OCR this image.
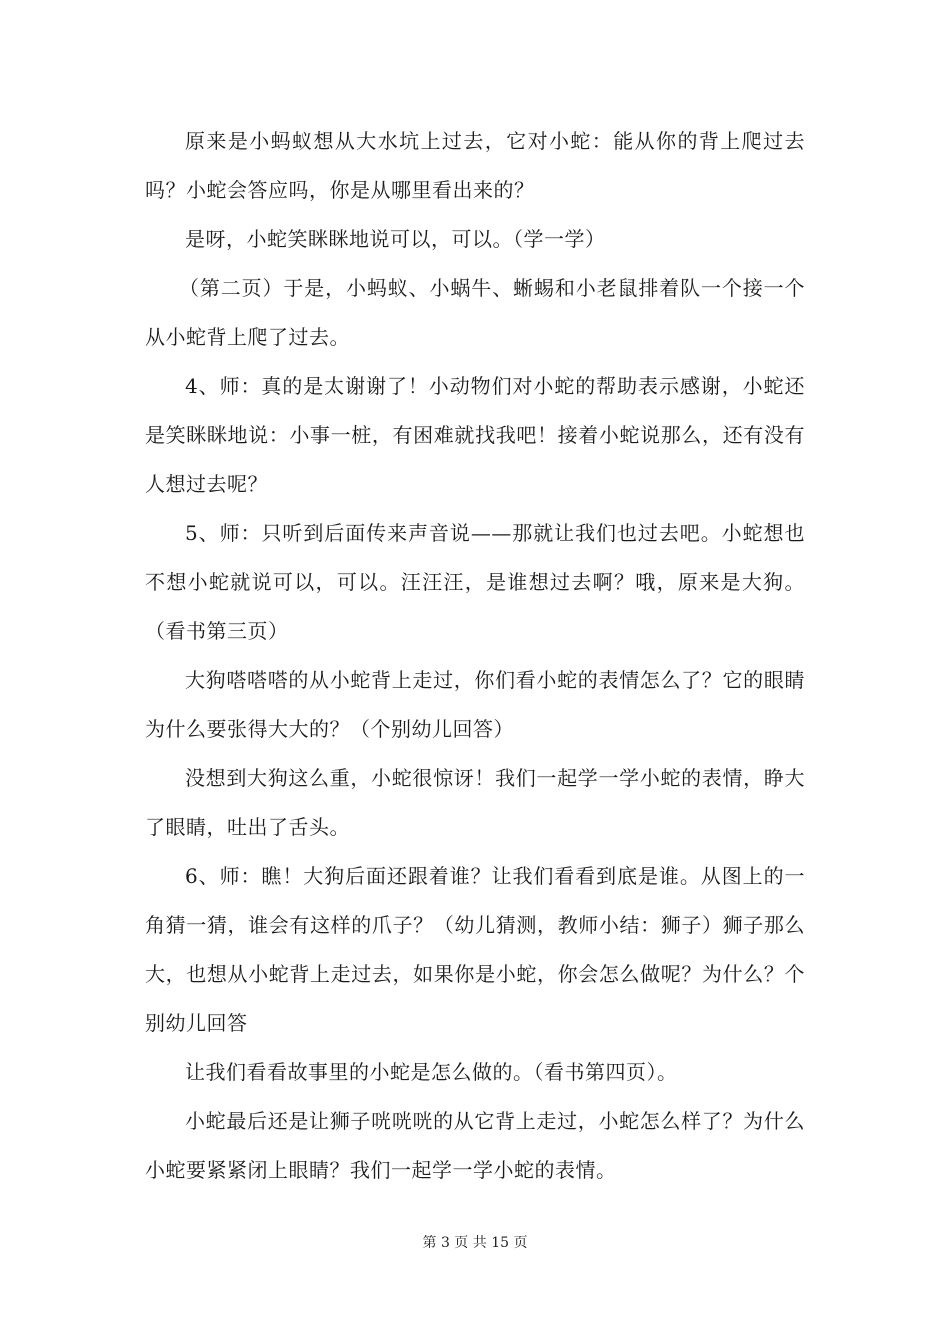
原来是小蚂蚁想从大水坑上过去，它对小蛇：能从你的背上爬过去吗？小蛇会答应吗，你是从哪里看出来的？

是呀，小蛇笑眯眯地说可以，可以。（学一学）

（第二页）于是，小蚂蚁、小蜗牛、蜥蜴和小老鼠排着队一个接一个从小蛇背上爬了过去。

4、师：真的是太谢谢了！小动物们对小蛇的帮助表示感谢，小蛇还是笑眯眯地说：小事一桩，有困难就找我吧！接着小蛇说那么，还有没有人想过去呢？

5、师：只听到后面传来声音说——那就让我们也过去吧。小蛇想也不想小蛇就说可以，可以。汪汪汪，是谁想过去啊？哦，原来是大狗。（看书第三页）

大狗嗒嗒嗒的从小蛇背上走过，你们看小蛇的表情怎么了？它的眼睛为什么要张得大大的？（个别幼儿回答）

没想到大狗这么重，小蛇很惊讶！我们一起学一学小蛇的表情，睁大了眼睛，吐出了舌头。

6、师：瞧！大狗后面还跟着谁？让我们看看到底是谁。从图上的一角猜一猜，谁会有这样的爪子？（幼儿猜测，教师小结：狮子）狮子那么大，也想从小蛇背上走过去，如果你是小蛇，你会怎么做呢？为什么？个别幼儿回答

让我们看看故事里的小蛇是怎么做的。（看书第四页）。

小蛇最后还是让狮子咣咣咣的从它背上走过，小蛇怎么样了？为什么小蛇要紧紧闭上眼睛？我们一起学一学小蛇的表情。

第 3 页 共 15 页
